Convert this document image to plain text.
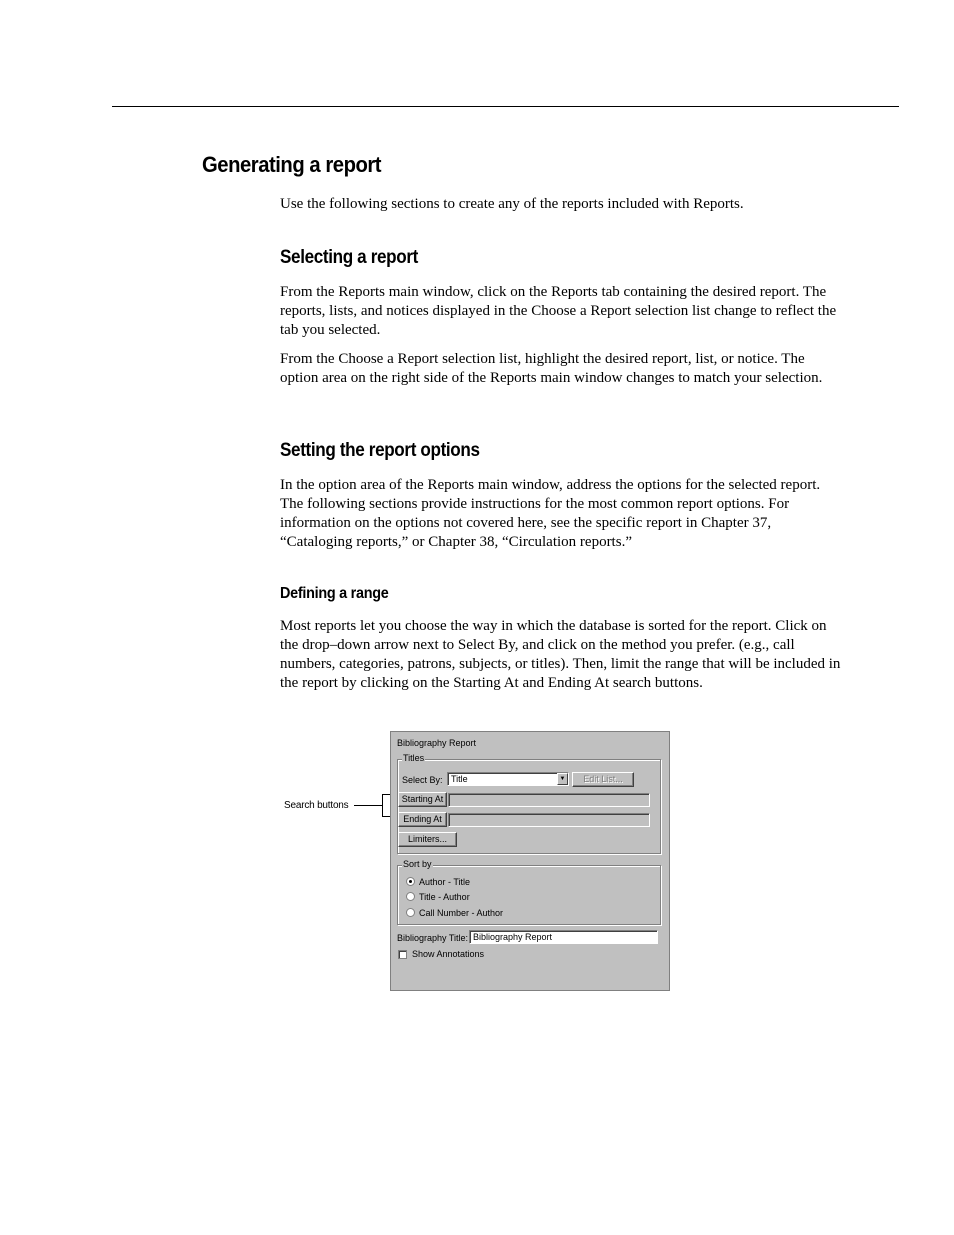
Generating a report

Use the following sections to create any of the reports included with Reports.

Selecting a report

From the Reports main window, click on the Reports tab containing the desired report. The reports, lists, and notices displayed in the Choose a Report selection list change to reflect the tab you selected.

From the Choose a Report selection list, highlight the desired report, list, or notice. The option area on the right side of the Reports main window changes to match your selection.

Setting the report options

In the option area of the Reports main window, address the options for the selected report. The following sections provide instructions for the most common report options. For information on the options not covered here, see the specific report in Chapter 37, “Cataloging reports,” or Chapter 38, “Circulation reports.”

Defining a range

Most reports let you choose the way in which the database is sorted for the report. Click on the drop–down arrow next to Select By, and click on the method you prefer. (e.g., call numbers, categories, patrons, subjects, or titles). Then, limit the range that will be included in the report by clicking on the Starting At and Ending At search buttons.

Search buttons
Bibliography Report
Titles
Select By: Title	▼	Edit List...
Starting At
Ending At
Limiters...
Sort by
Author - Title
Title - Author
Call Number - Author
Bibliography Title: Bibliography Report
Show Annotations
